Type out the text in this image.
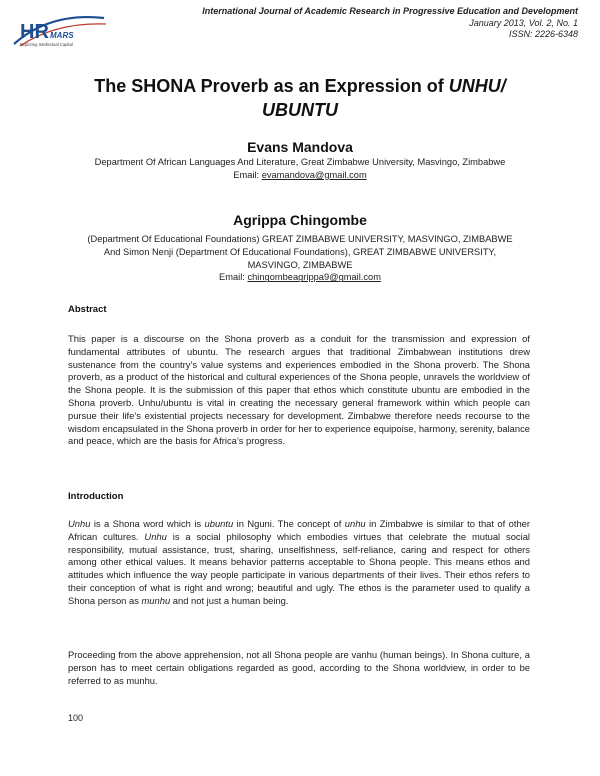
HR MARS
Exploring Intellectual Capital
International Journal of Academic Research in Progressive Education and Development
January 2013, Vol. 2, No. 1
ISSN: 2226-6348
The SHONA Proverb as an Expression of UNHU/
UBUNTU
Evans Mandova
Department Of African Languages And Literature, Great Zimbabwe University, Masvingo, Zimbabwe
Email: evamandova@gmail.com
Agrippa Chingombe
(Department Of Educational Foundations) GREAT ZIMBABWE UNIVERSITY, MASVINGO, ZIMBABWE And Simon Nenji (Department Of Educational Foundations), GREAT ZIMBABWE UNIVERSITY, MASVINGO, ZIMBABWE
Email: chingombeagrippa9@gmail.com
Abstract
This paper is a discourse on the Shona proverb as a conduit for the transmission and expression of fundamental attributes of ubuntu. The research argues that traditional Zimbabwean institutions drew sustenance from the country’s value systems and experiences embodied in the Shona proverb. The Shona proverb, as a product of the historical and cultural experiences of the Shona people, unravels the worldview of the Shona people. It is the submission of this paper that ethos which constitute ubuntu are embodied in the Shona proverb. Unhu/ubuntu is vital in creating the necessary general framework within which people can pursue their life’s existential projects necessary for development. Zimbabwe therefore needs recourse to the wisdom encapsulated in the Shona proverb in order for her to experience equipoise, harmony, serenity, balance and peace, which are the basis for Africa’s progress.
Introduction
Unhu is a Shona word which is ubuntu in Nguni. The concept of unhu in Zimbabwe is similar to that of other African cultures. Unhu is a social philosophy which embodies virtues that celebrate the mutual social responsibility, mutual assistance, trust, sharing, unselfishness, self-reliance, caring and respect for others among other ethical values. It means behavior patterns acceptable to Shona people. This means ethos and attitudes which influence the way people participate in various departments of their lives. Their ethos refers to their conception of what is right and wrong; beautiful and ugly. The ethos is the parameter used to qualify a Shona person as munhu and not just a human being.
Proceeding from the above apprehension, not all Shona people are vanhu (human beings). In Shona culture, a person has to meet certain obligations regarded as good, according to the Shona worldview, in order to be referred to as munhu.
100
